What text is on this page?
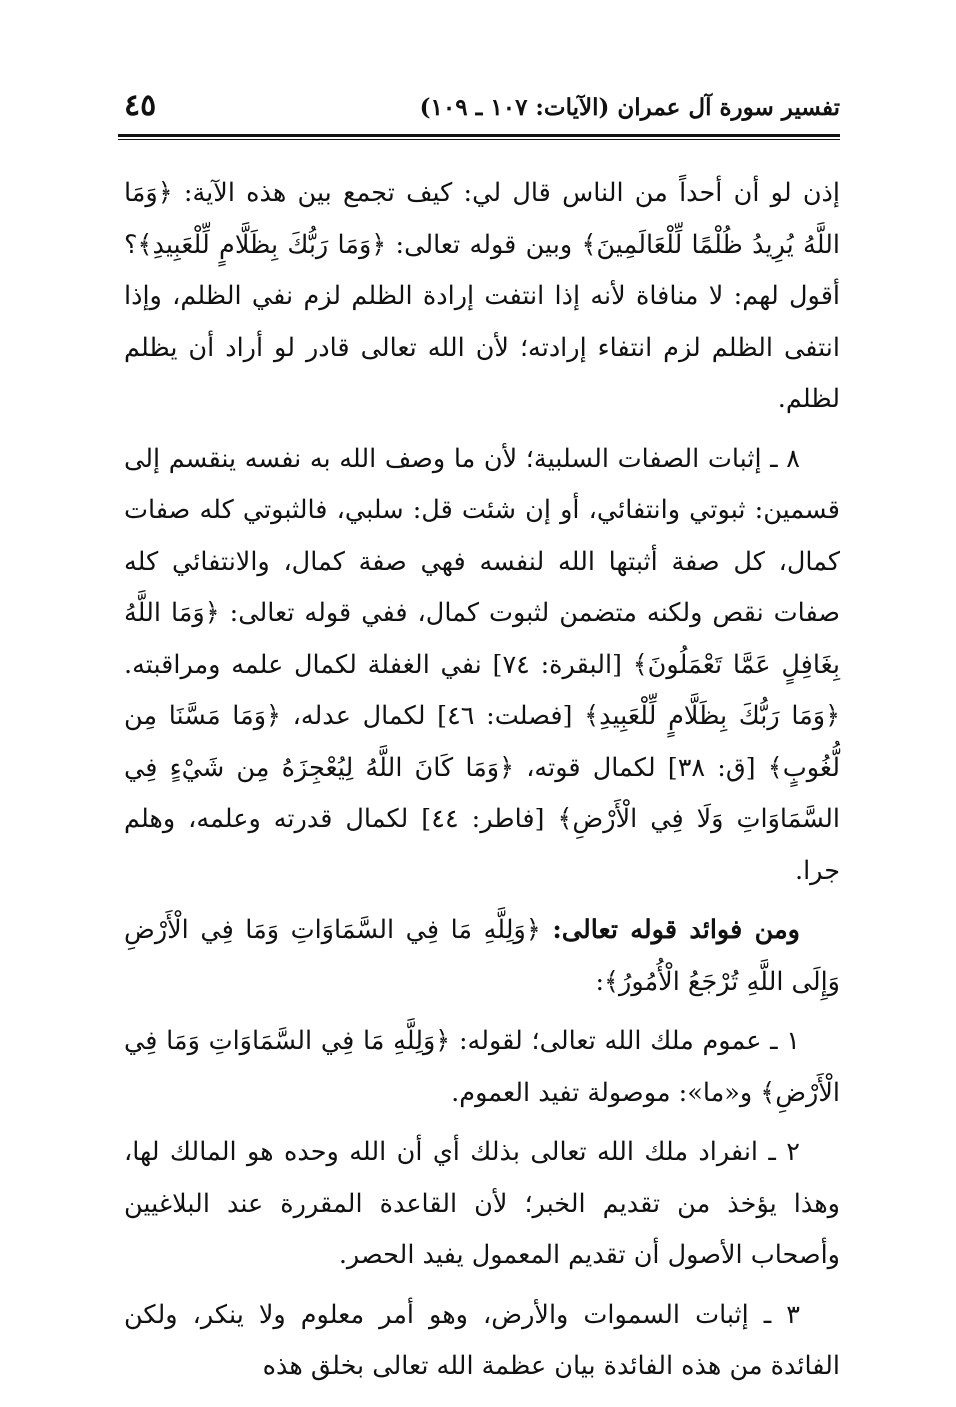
تفسير سورة آل عمران (الآيات: ١٠٧ ـ ١٠٩)
٤٥

إذن لو أن أحداً من الناس قال لي: كيف تجمع بين هذه الآية: ﴿وَمَا اللَّهُ يُرِيدُ ظُلْمًا لِّلْعَالَمِينَ﴾ وبين قوله تعالى: ﴿وَمَا رَبُّكَ بِظَلَّامٍ لِّلْعَبِيدِ﴾؟ أقول لهم: لا منافاة لأنه إذا انتفت إرادة الظلم لزم نفي الظلم، وإذا انتفى الظلم لزم انتفاء إرادته؛ لأن الله تعالى قادر لو أراد أن يظلم لظلم.

٨ ـ إثبات الصفات السلبية؛ لأن ما وصف الله به نفسه ينقسم إلى قسمين: ثبوتي وانتفائي، أو إن شئت قل: سلبي، فالثبوتي كله صفات كمال، كل صفة أثبتها الله لنفسه فهي صفة كمال، والانتفائي كله صفات نقص ولكنه متضمن لثبوت كمال، ففي قوله تعالى: ﴿وَمَا اللَّهُ بِغَافِلٍ عَمَّا تَعْمَلُونَ﴾ [البقرة: ٧٤] نفي الغفلة لكمال علمه ومراقبته. ﴿وَمَا رَبُّكَ بِظَلَّامٍ لِّلْعَبِيدِ﴾ [فصلت: ٤٦] لكمال عدله، ﴿وَمَا مَسَّنَا مِن لُّغُوبٍ﴾ [ق: ٣٨] لكمال قوته، ﴿وَمَا كَانَ اللَّهُ لِيُعْجِزَهُ مِن شَيْءٍ فِي السَّمَاوَاتِ وَلَا فِي الْأَرْضِ﴾ [فاطر: ٤٤] لكمال قدرته وعلمه، وهلم جرا.

ومن فوائد قوله تعالى: ﴿وَلِلَّهِ مَا فِي السَّمَاوَاتِ وَمَا فِي الْأَرْضِ وَإِلَى اللَّهِ تُرْجَعُ الْأُمُورُ﴾:

١ ـ عموم ملك الله تعالى؛ لقوله: ﴿وَلِلَّهِ مَا فِي السَّمَاوَاتِ وَمَا فِي الْأَرْضِ﴾ و«ما»: موصولة تفيد العموم.

٢ ـ انفراد ملك الله تعالى بذلك أي أن الله وحده هو المالك لها، وهذا يؤخذ من تقديم الخبر؛ لأن القاعدة المقررة عند البلاغيين وأصحاب الأصول أن تقديم المعمول يفيد الحصر.

٣ ـ إثبات السموات والأرض، وهو أمر معلوم ولا ينكر، ولكن الفائدة من هذه الفائدة بيان عظمة الله تعالى بخلق هذه
